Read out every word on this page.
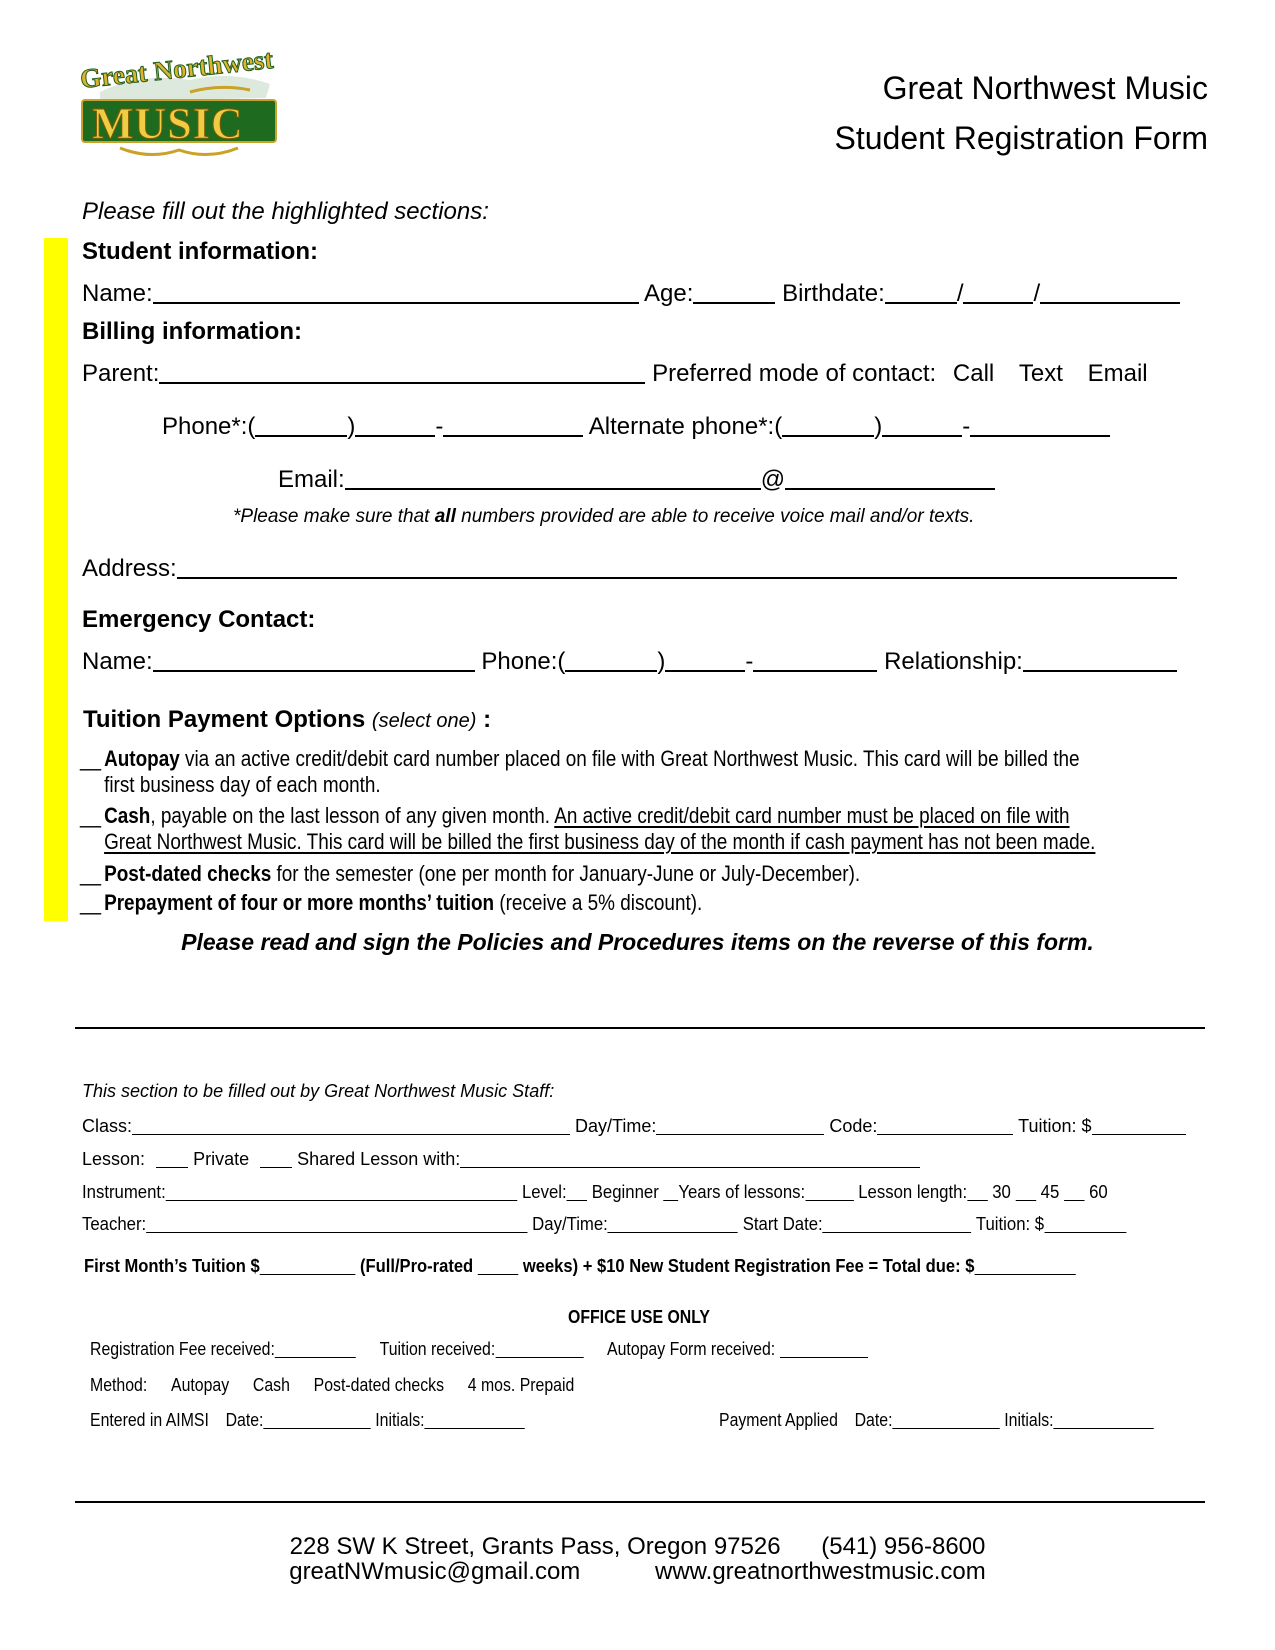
Great Northwest
MUSIC
Great Northwest Music
Student Registration Form
Please fill out the highlighted sections:
Student information:
Name:	Age:	Birthdate:	/	/
Billing information:
Parent:	Preferred mode of contact: Call Text Email
Phone*:(	)	-	Alternate phone*:(	)	-
Email:	@
*Please make sure that all numbers provided are able to receive voice mail and/or texts.
Address:
Emergency Contact:
Name:	Phone:(	)	-	Relationship:
Tuition Payment Options (select one) :
__ Autopay via an active credit/debit card number placed on file with Great Northwest Music. This card will be billed the
first business day of each month.
__ Cash, payable on the last lesson of any given month. An active credit/debit card number must be placed on file with
Great Northwest Music. This card will be billed the first business day of the month if cash payment has not been made.
__ Post-dated checks for the semester (one per month for January-June or July-December).
__ Prepayment of four or more months’ tuition (receive a 5% discount).
Please read and sign the Policies and Procedures items on the reverse of this form.
This section to be filled out by Great Northwest Music Staff:
Class:	Day/Time:	Code:	Tuition: $
Lesson:	Private	Shared Lesson with:
Instrument:	Level: Beginner Years of lessons:	Lesson length: 30 45 60
Teacher:	Day/Time:	Start Date:	Tuition: $
First Month’s Tuition $	(Full/Pro-rated	weeks) + $10 New Student Registration Fee = Total due: $
OFFICE USE ONLY
Registration Fee received:	Tuition received:	Autopay Form received:
Method: Autopay Cash Post-dated checks 4 mos. Prepaid
Entered in AIMSI Date:	Initials:	Payment Applied Date:	Initials:
228 SW K Street, Grants Pass, Oregon 97526 (541) 956-8600
greatNWmusic@gmail.com	www.greatnorthwestmusic.com
